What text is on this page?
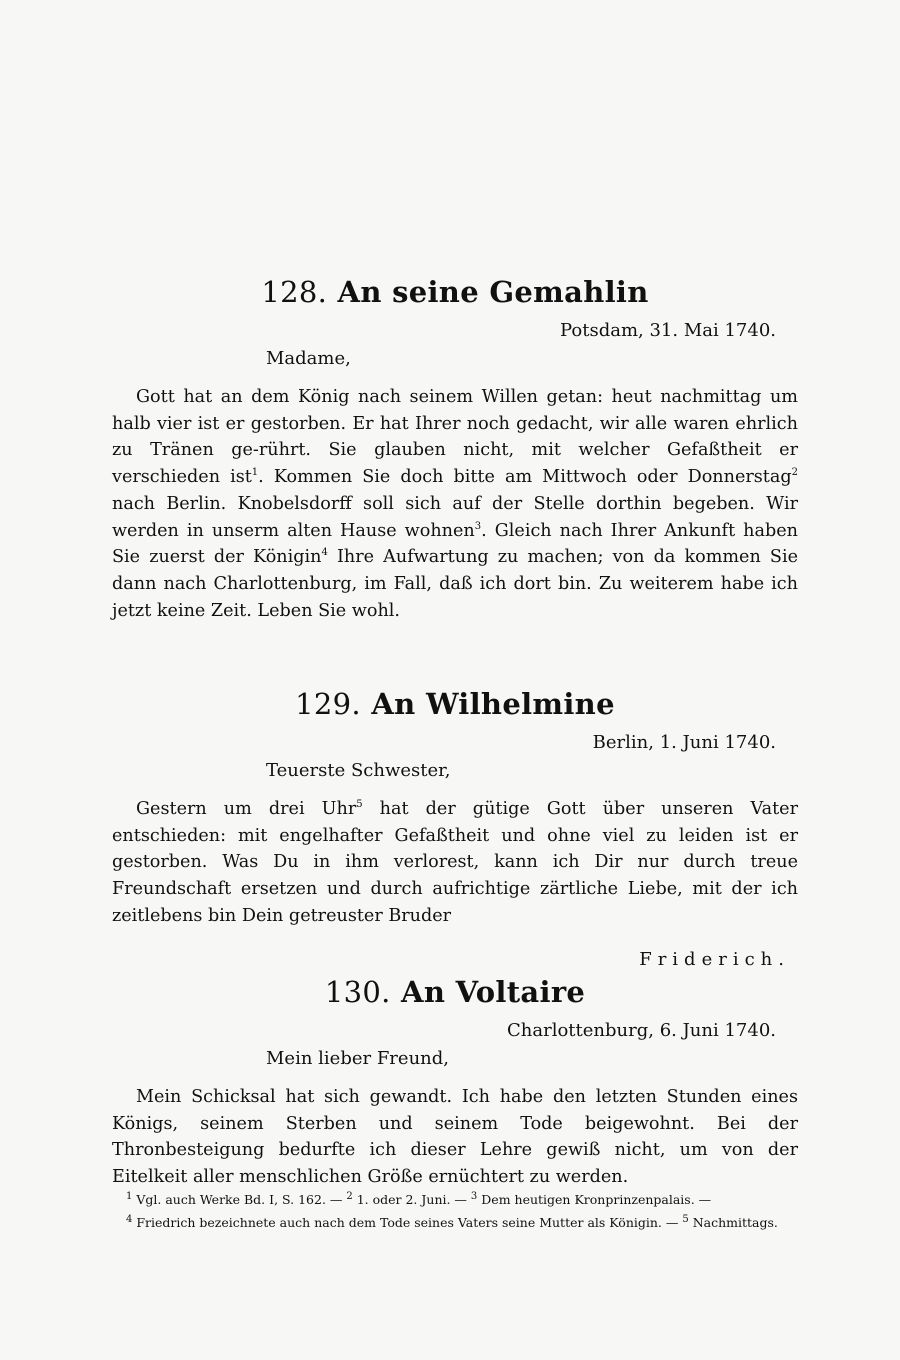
128. An seine Gemahlin
Potsdam, 31. Mai 1740.
Madame,

Gott hat an dem König nach seinem Willen getan: heut nachmittag um halb vier ist er gestorben. Er hat Ihrer noch gedacht, wir alle waren ehrlich zu Tränen ge-rührt. Sie glauben nicht, mit welcher Gefaßtheit er verschieden ist$^1$. Kommen Sie doch bitte am Mittwoch oder Donnerstag$^2$ nach Berlin. Knobelsdorff soll sich auf der Stelle dorthin begeben. Wir werden in unserm alten Hause wohnen$^3$. Gleich nach Ihrer Ankunft haben Sie zuerst der Königin$^4$ Ihre Aufwartung zu machen; von da kommen Sie dann nach Charlottenburg, im Fall, daß ich dort bin. Zu weiterem habe ich jetzt keine Zeit. Leben Sie wohl.

129. An Wilhelmine
Berlin, 1. Juni 1740.
Teuerste Schwester,

Gestern um drei Uhr$^5$ hat der gütige Gott über unseren Vater entschieden: mit engelhafter Gefaßtheit und ohne viel zu leiden ist er gestorben. Was Du in ihm verlorest, kann ich Dir nur durch treue Freundschaft ersetzen und durch aufrichtige zärtliche Liebe, mit der ich zeitlebens bin Dein getreuster Bruder

Friderich.
130. An Voltaire
Charlottenburg, 6. Juni 1740.
Mein lieber Freund,

Mein Schicksal hat sich gewandt. Ich habe den letzten Stunden eines Königs, seinem Sterben und seinem Tode beigewohnt. Bei der Thronbesteigung bedurfte ich dieser Lehre gewiß nicht, um von der Eitelkeit aller menschlichen Größe ernüchtert zu werden.

$^1$ Vgl. auch Werke Bd. I, S. 162. — $^2$ 1. oder 2. Juni. — $^3$ Dem heutigen Kronprinzenpalais. —

$^4$ Friedrich bezeichnete auch nach dem Tode seines Vaters seine Mutter als Königin. — $^5$ Nachmittags.
